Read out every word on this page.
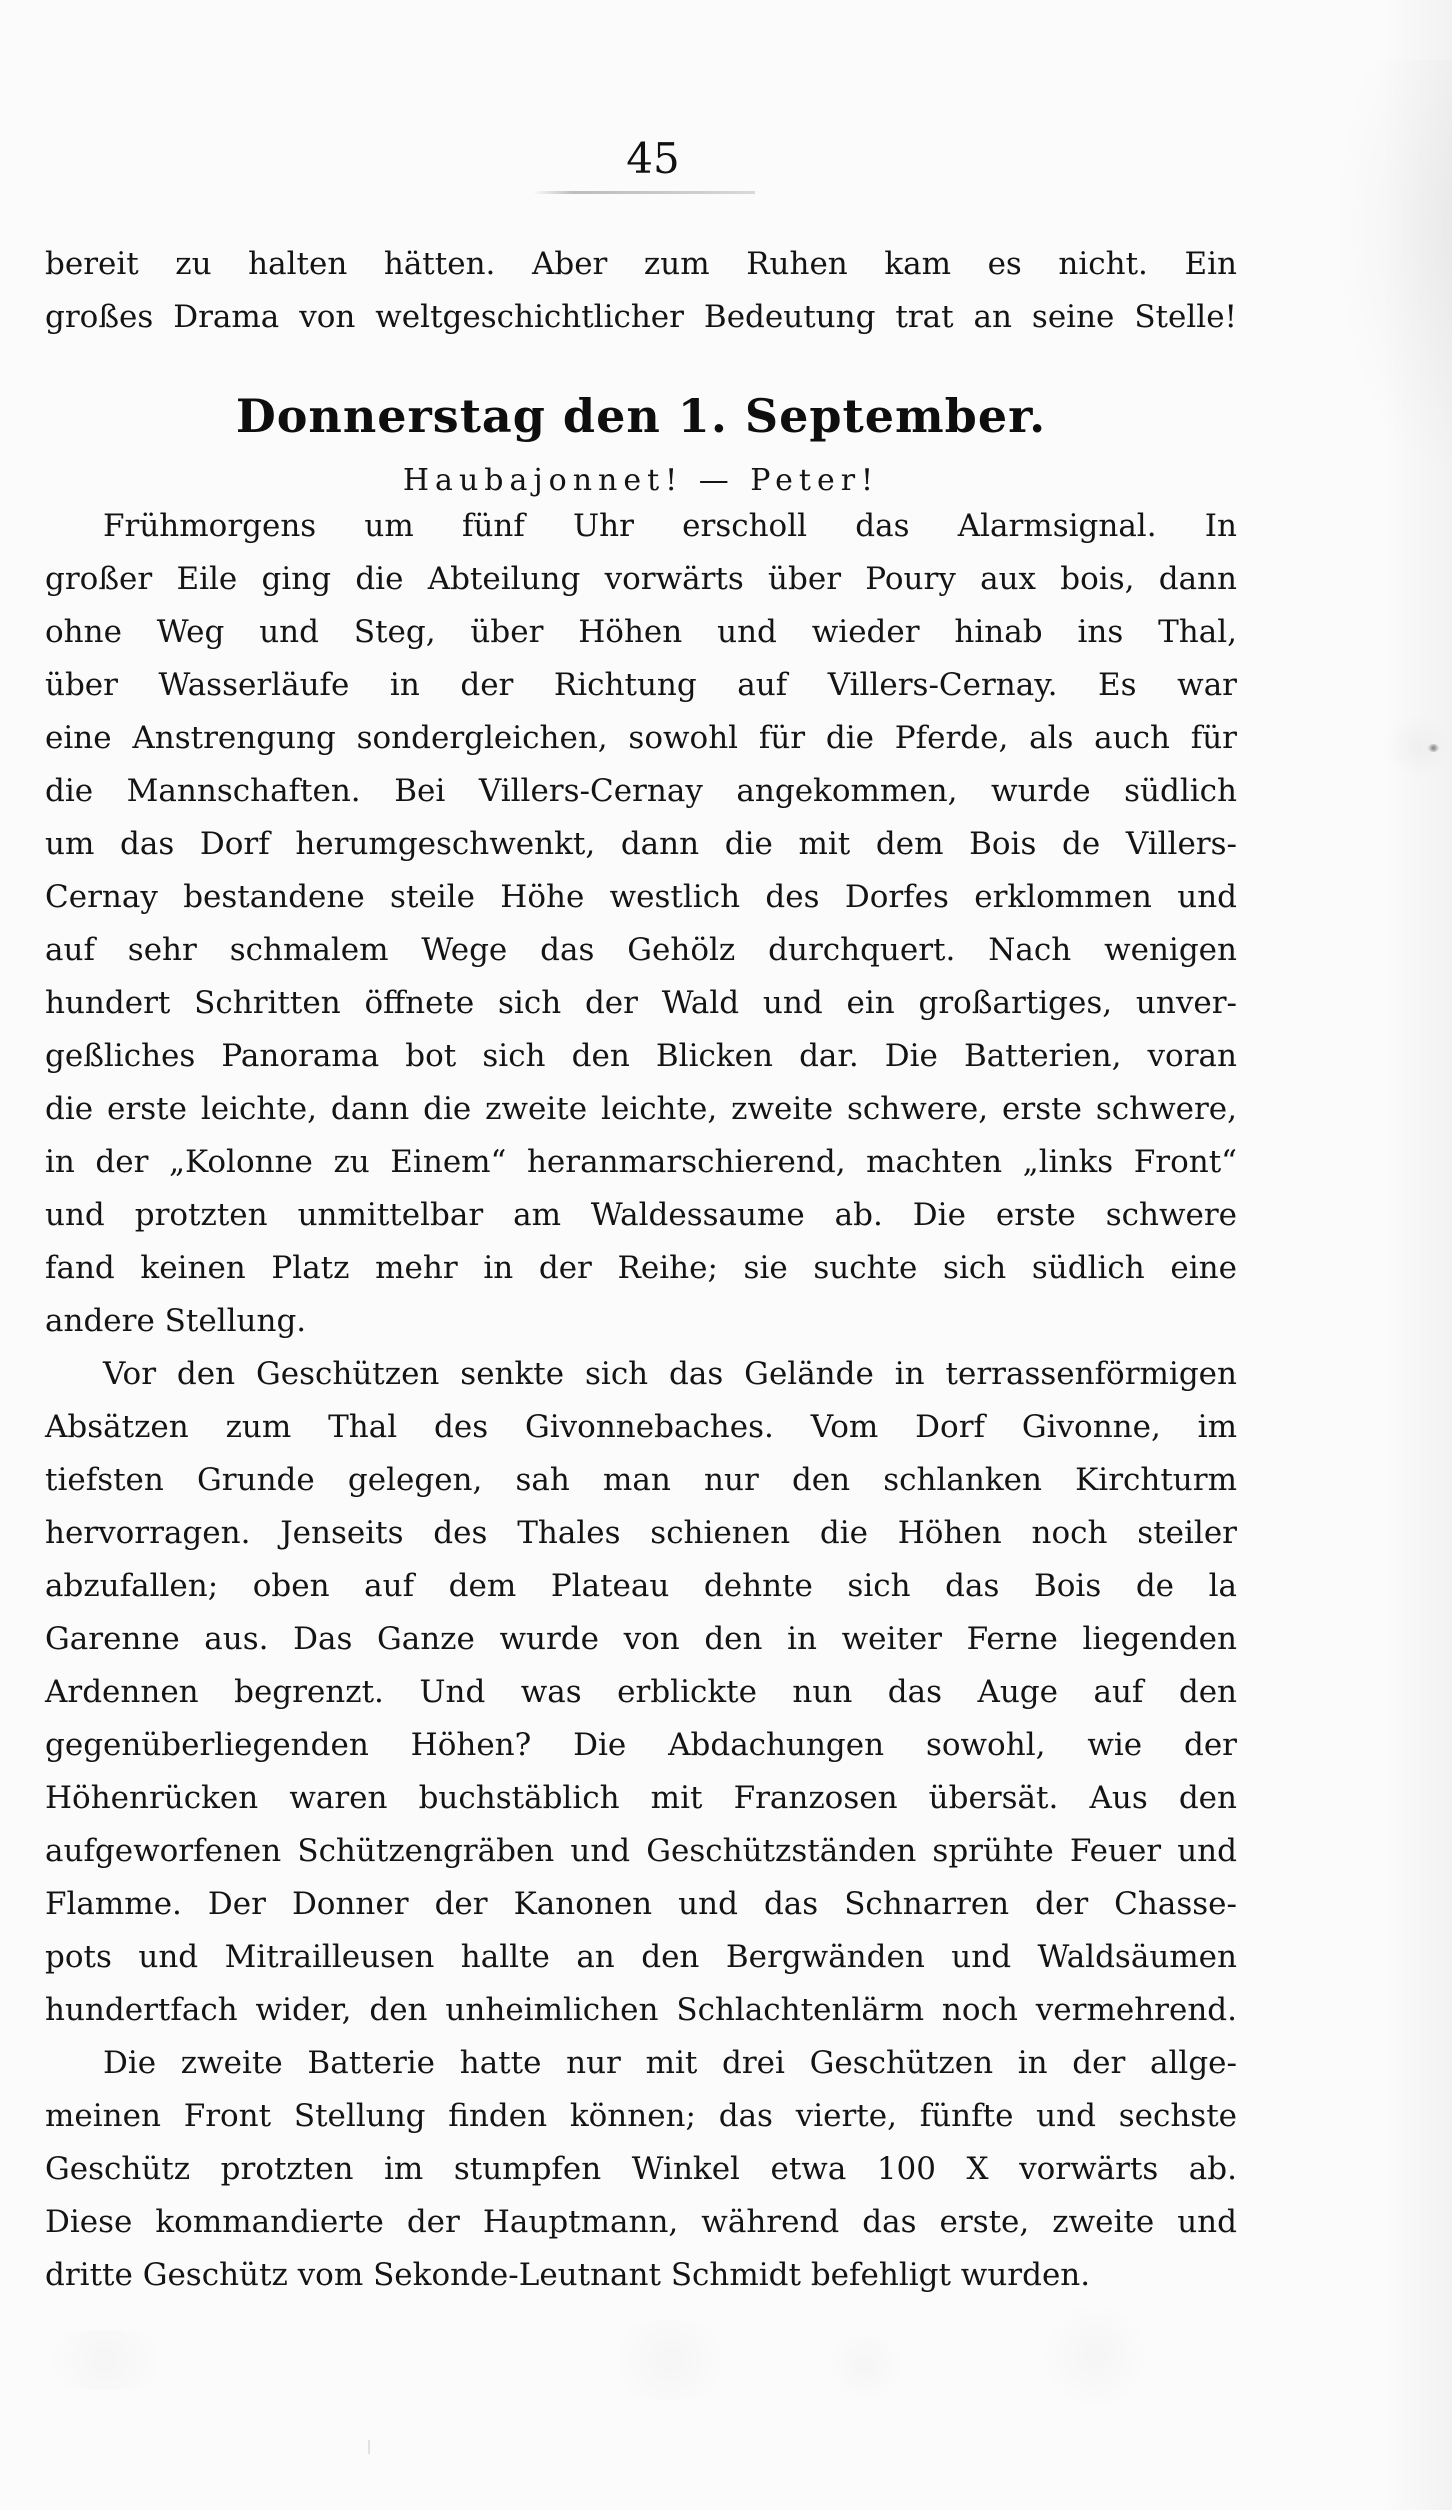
45
bereit zu halten hätten. Aber zum Ruhen kam es nicht. Ein
großes Drama von weltgeschichtlicher Bedeutung trat an seine Stelle!
Donnerstag den 1. September.
Haubajonnet! — Peter!
Frühmorgens um fünf Uhr erscholl das Alarmsignal. In
großer Eile ging die Abteilung vorwärts über Poury aux bois, dann
ohne Weg und Steg, über Höhen und wieder hinab ins Thal,
über Wasserläufe in der Richtung auf Villers-Cernay. Es war
eine Anstrengung sondergleichen, sowohl für die Pferde, als auch für
die Mannschaften. Bei Villers-Cernay angekommen, wurde südlich
um das Dorf herumgeschwenkt, dann die mit dem Bois de Villers-
Cernay bestandene steile Höhe westlich des Dorfes erklommen und
auf sehr schmalem Wege das Gehölz durchquert. Nach wenigen
hundert Schritten öffnete sich der Wald und ein großartiges, unver-
geßliches Panorama bot sich den Blicken dar. Die Batterien, voran
die erste leichte, dann die zweite leichte, zweite schwere, erste schwere,
in der „Kolonne zu Einem“ heranmarschierend, machten „links Front“
und protzten unmittelbar am Waldessaume ab. Die erste schwere
fand keinen Platz mehr in der Reihe; sie suchte sich südlich eine
andere Stellung.
Vor den Geschützen senkte sich das Gelände in terrassenförmigen
Absätzen zum Thal des Givonnebaches. Vom Dorf Givonne, im
tiefsten Grunde gelegen, sah man nur den schlanken Kirchturm
hervorragen. Jenseits des Thales schienen die Höhen noch steiler
abzufallen; oben auf dem Plateau dehnte sich das Bois de la
Garenne aus. Das Ganze wurde von den in weiter Ferne liegenden
Ardennen begrenzt. Und was erblickte nun das Auge auf den
gegenüberliegenden Höhen? Die Abdachungen sowohl, wie der
Höhenrücken waren buchstäblich mit Franzosen übersät. Aus den
aufgeworfenen Schützengräben und Geschützständen sprühte Feuer und
Flamme. Der Donner der Kanonen und das Schnarren der Chasse-
pots und Mitrailleusen hallte an den Bergwänden und Waldsäumen
hundertfach wider, den unheimlichen Schlachtenlärm noch vermehrend.
Die zweite Batterie hatte nur mit drei Geschützen in der allge-
meinen Front Stellung finden können; das vierte, fünfte und sechste
Geschütz protzten im stumpfen Winkel etwa 100 X vorwärts ab.
Diese kommandierte der Hauptmann, während das erste, zweite und
dritte Geschütz vom Sekonde-Leutnant Schmidt befehligt wurden.
